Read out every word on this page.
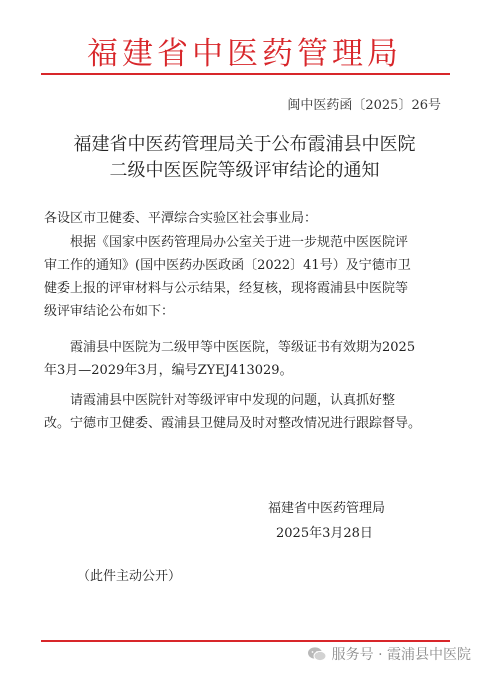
福建省中医药管理局
闽中医药函〔2025〕26号
福建省中医药管理局关于公布霞浦县中医院
二级中医医院等级评审结论的通知
各设区市卫健委、平潭综合实验区社会事业局：
根据《国家中医药管理局办公室关于进一步规范中医医院评
审工作的通知》(国中医药办医政函〔2022〕41号）及宁德市卫
健委上报的评审材料与公示结果，经复核，现将霞浦县中医院等
级评审结论公布如下：
霞浦县中医院为二级甲等中医医院，等级证书有效期为2025
年3月—2029年3月，编号ZYEJ413029。
请霞浦县中医院针对等级评审中发现的问题，认真抓好整
改。宁德市卫健委、霞浦县卫健局及时对整改情况进行跟踪督导。
福建省中医药管理局
2025年3月28日
（此件主动公开）
服务号 · 霞浦县中医院
